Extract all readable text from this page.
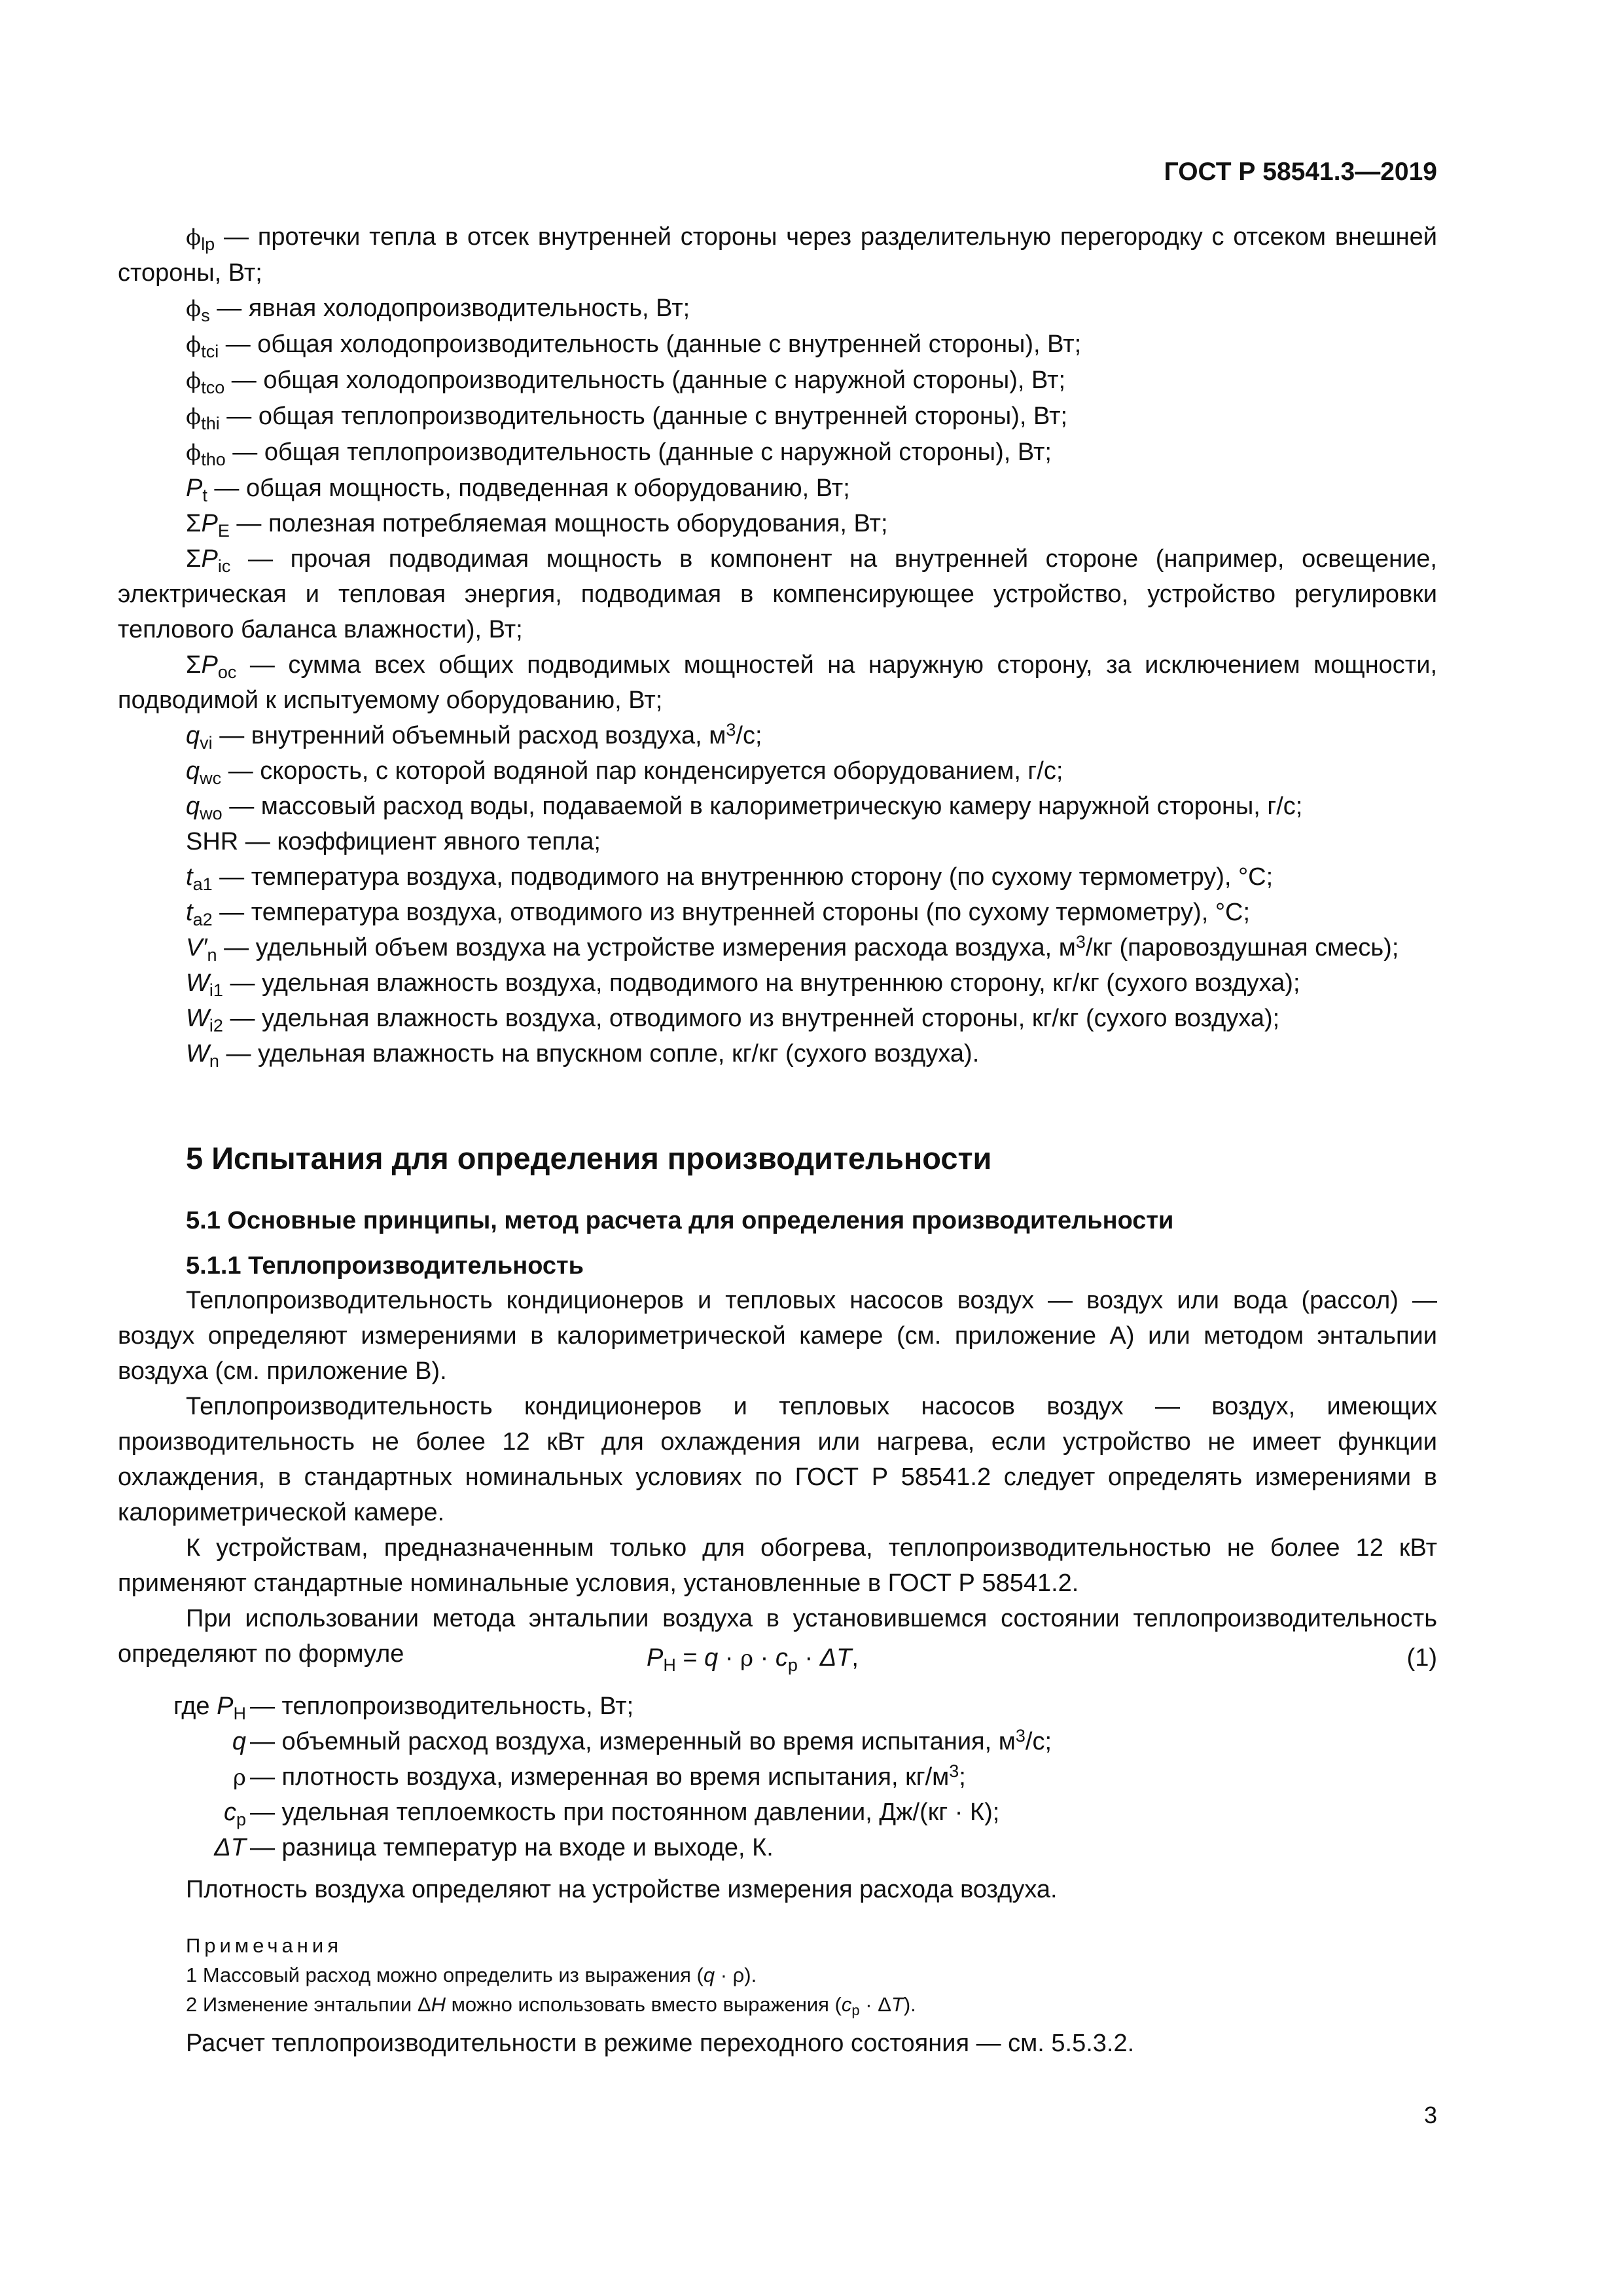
ГОСТ Р 58541.3—2019

$\phi_{lp}$ — протечки тепла в отсек внутренней стороны через разделительную перегородку с отсеком внешней стороны, Вт;

$\phi_s$ — явная холодопроизводительность, Вт;

$\phi_{tci}$ — общая холодопроизводительность (данные с внутренней стороны), Вт;

$\phi_{tco}$ — общая холодопроизводительность (данные с наружной стороны), Вт;

$\phi_{thi}$ — общая теплопроизводительность (данные с внутренней стороны), Вт;

$\phi_{tho}$ — общая теплопроизводительность (данные с наружной стороны), Вт;

$P_t$ — общая мощность, подведенная к оборудованию, Вт;

$\Sigma P_E$ — полезная потребляемая мощность оборудования, Вт;

$\Sigma P_{ic}$ — прочая подводимая мощность в компонент на внутренней стороне (например, освещение, электрическая и тепловая энергия, подводимая в компенсирующее устройство, устройство регулировки теплового баланса влажности), Вт;

$\Sigma P_{oc}$ — сумма всех общих подводимых мощностей на наружную сторону, за исключением мощности, подводимой к испытуемому оборудованию, Вт;

$q_{vi}$ — внутренний объемный расход воздуха, $м^3/с$;

$q_{wc}$ — скорость, с которой водяной пар конденсируется оборудованием, г/с;

$q_{wo}$ — массовый расход воды, подаваемой в калориметрическую камеру наружной стороны, г/с;

SHR — коэффициент явного тепла;

$t_{a1}$ — температура воздуха, подводимого на внутреннюю сторону (по сухому термометру), °С;

$t_{a2}$ — температура воздуха, отводимого из внутренней стороны (по сухому термометру), °С;

$V'_n$ — удельный объем воздуха на устройстве измерения расхода воздуха, $м^3/кг$ (паровоздушная смесь);

$W_{i1}$ — удельная влажность воздуха, подводимого на внутреннюю сторону, кг/кг (сухого воздуха);

$W_{i2}$ — удельная влажность воздуха, отводимого из внутренней стороны, кг/кг (сухого воздуха);

$W_n$ — удельная влажность на впускном сопле, кг/кг (сухого воздуха).

5 Испытания для определения производительности
5.1 Основные принципы, метод расчета для определения производительности
5.1.1 Теплопроизводительность

Теплопроизводительность кондиционеров и тепловых насосов воздух — воздух или вода (рассол) — воздух определяют измерениями в калориметрической камере (см. приложение А) или методом энтальпии воздуха (см. приложение В).

Теплопроизводительность кондиционеров и тепловых насосов воздух — воздух, имеющих производительность не более 12 кВт для охлаждения или нагрева, если устройство не имеет функции охлаждения, в стандартных номинальных условиях по ГОСТ Р 58541.2 следует определять измерениями в калориметрической камере.

К устройствам, предназначенным только для обогрева, теплопроизводительностью не более 12 кВт применяют стандартные номинальные условия, установленные в ГОСТ Р 58541.2.

При использовании метода энтальпии воздуха в установившемся состоянии теплопроизводительность определяют по формуле	$P_H = q \cdot \rho \cdot c_p \cdot \Delta T$,	(1)
где $P_H$ — теплопроизводительность, Вт;
q — объемный расход воздуха, измеренный во время испытания, $м^3/с$;
ρ — плотность воздуха, измеренная во время испытания, $кг/м^3$;
$c_p$ — удельная теплоемкость при постоянном давлении, Дж/(кг · К);
ΔT — разница температур на входе и выходе, К.

Плотность воздуха определяют на устройстве измерения расхода воздуха.

Примечания
1 Массовый расход можно определить из выражения (q · ρ).
2 Изменение энтальпии ΔH можно использовать вместо выражения $(c_p \cdot \Delta T)$.

Расчет теплопроизводительности в режиме переходного состояния — см. 5.5.3.2.

3
